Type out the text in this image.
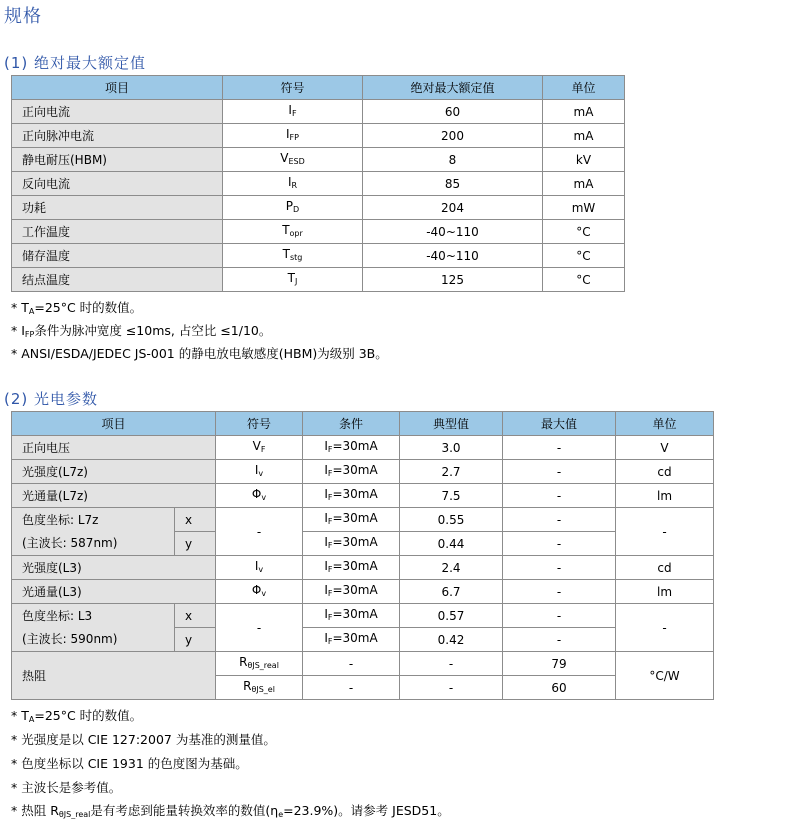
规格
(1) 绝对最大额定值
项目	符号	绝对最大额定值	单位
正向电流	$I_F$	60	mA
正向脉冲电流	$I_{FP}$	200	mA
静电耐压(HBM)	$V_{ESD}$	8	kV
反向电流	$I_R$	85	mA
功耗	$P_D$	204	mW
工作温度	$T_{opr}$	-40~110	°C
储存温度	$T_{stg}$	-40~110	°C
结点温度	$T_J$	125	°C
* $T_A=25^\circ C$ 时的数值。
* $I_{FP}$条件为脉冲宽度 ≤10ms, 占空比 ≤1/10。
* ANSI/ESDA/JEDEC JS-001 的静电放电敏感度(HBM)为级别 3B。
(2) 光电参数
项目		符号	条件	典型值	最大值	单位
正向电压		$V_F$	$I_F=30mA$	3.0	-	V
光强度(L7z)		$I_v$	$I_F=30mA$	2.7	-	cd
光通量(L7z)		$\Phi_v$	$I_F=30mA$	7.5	-	lm
色度坐标: L7z	x	-	$I_F=30mA$	0.55	-	-
(主波长: 587nm)	y		$I_F=30mA$	0.44	-	
光强度(L3)		$I_v$	$I_F=30mA$	2.4	-	cd
光通量(L3)		$\Phi_v$	$I_F=30mA$	6.7	-	lm
色度坐标: L3	x	-	$I_F=30mA$	0.57	-	-
(主波长: 590nm)	y		$I_F=30mA$	0.42	-	
热阻		$R_{\theta JS\_real}$	-	-	79	°C/W
		$R_{\theta JS\_el}$	-	-	60	
* $T_A=25^\circ C$ 时的数值。
* 光强度是以 CIE 127:2007 为基准的测量值。
* 色度坐标以 CIE 1931 的色度图为基础。
* 主波长是参考值。
* 热阻 $R_{\theta JS\_real}$是有考虑到能量转换效率的数值$(\eta_e=23.9\%)$。请参考 JESD51。
